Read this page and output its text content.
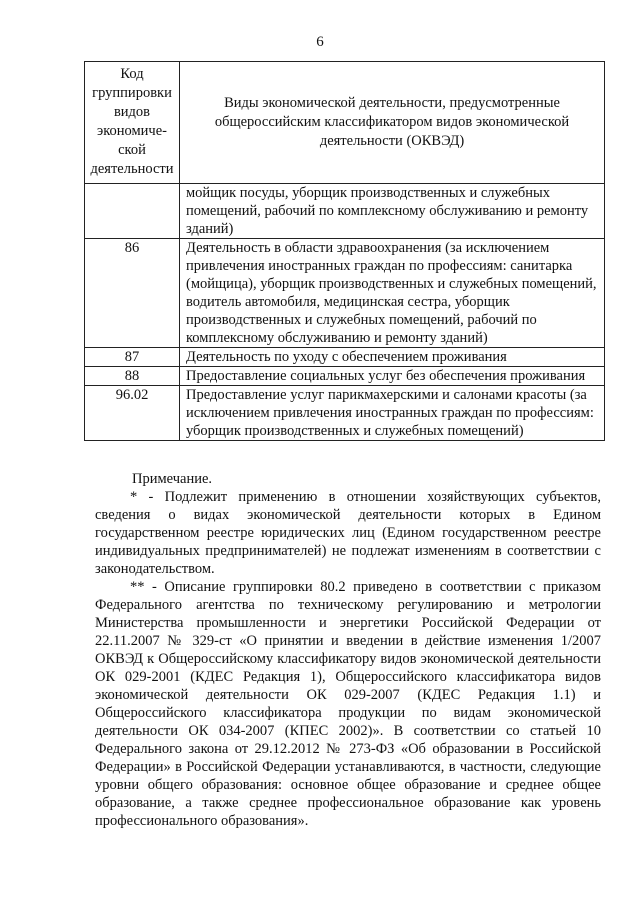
6
Код группировки видов экономиче-ской деятельности	Виды экономической деятельности, предусмотренные общероссийским классификатором видов экономической деятельности (ОКВЭД)
	мойщик посуды, уборщик производственных и служебных помещений, рабочий по комплексному обслуживанию и ремонту зданий)
86	Деятельность в области здравоохранения (за исключением привлечения иностранных граждан по профессиям: санитарка (мойщица), уборщик производственных и служебных помещений, водитель автомобиля, медицинская сестра, уборщик производственных и служебных помещений, рабочий по комплексному обслуживанию и ремонту зданий)
87	Деятельность по уходу с обеспечением проживания
88	Предоставление социальных услуг без обеспечения проживания
96.02	Предоставление услуг парикмахерскими и салонами красоты (за исключением привлечения иностранных граждан по профессиям: уборщик производственных и служебных помещений)
Примечание.

* - Подлежит применению в отношении хозяйствующих субъектов, сведения о видах экономической деятельности которых в Едином государственном реестре юридических лиц (Едином государственном реестре индивидуальных предпринимателей) не подлежат изменениям в соответствии с законодательством.

** - Описание группировки 80.2 приведено в соответствии с приказом Федерального агентства по техническому регулированию и метрологии Министерства промышленности и энергетики Российской Федерации от 22.11.2007 № 329-ст «О принятии и введении в действие изменения 1/2007 ОКВЭД к Общероссийскому классификатору видов экономической деятельности ОК 029-2001 (КДЕС Редакция 1), Общероссийского классификатора видов экономической деятельности ОК 029-2007 (КДЕС Редакция 1.1) и Общероссийского классификатора продукции по видам экономической деятельности ОК 034-2007 (КПЕС 2002)». В соответствии со статьей 10 Федерального закона от 29.12.2012 № 273-ФЗ «Об образовании в Российской Федерации» в Российской Федерации устанавливаются, в частности, следующие уровни общего образования: основное общее образование и среднее общее образование, а также среднее профессиональное образование как уровень профессионального образования».
